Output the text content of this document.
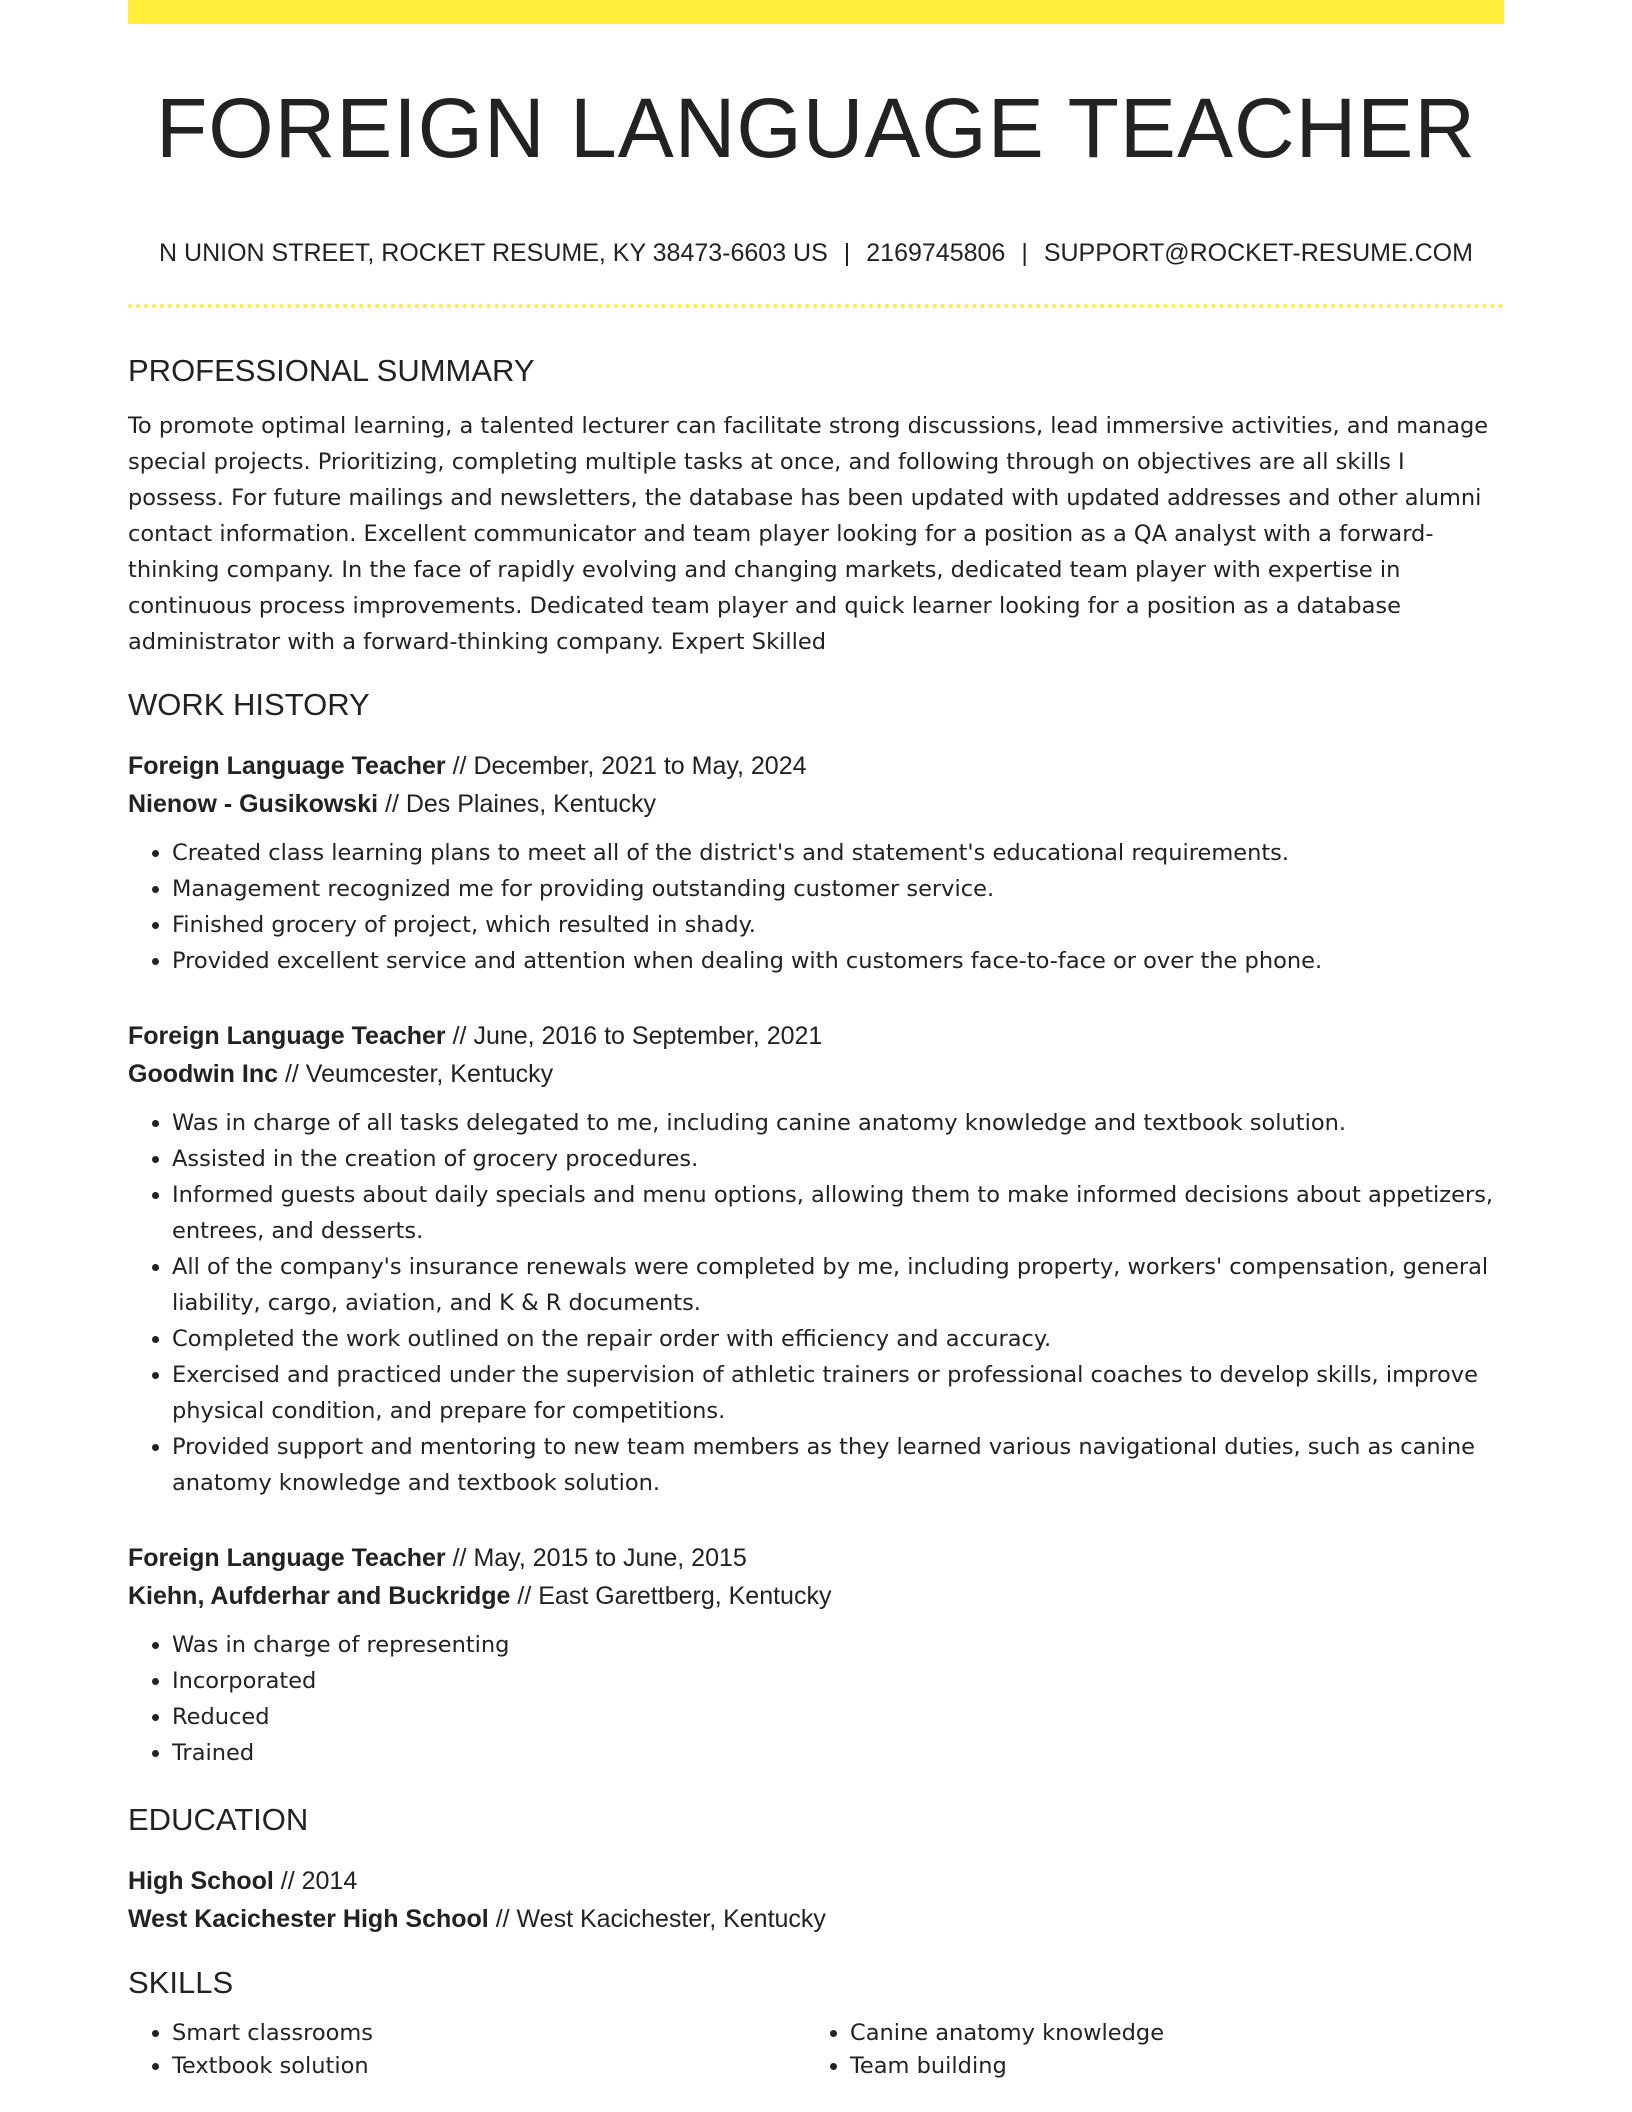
FOREIGN LANGUAGE TEACHER
N UNION STREET, ROCKET RESUME, KY 38473-6603 US | 2169745806 | SUPPORT@ROCKET-RESUME.COM
PROFESSIONAL SUMMARY
To promote optimal learning, a talented lecturer can facilitate strong discussions, lead immersive activities, and manage special projects. Prioritizing, completing multiple tasks at once, and following through on objectives are all skills I possess. For future mailings and newsletters, the database has been updated with updated addresses and other alumni contact information. Excellent communicator and team player looking for a position as a QA analyst with a forward-thinking company. In the face of rapidly evolving and changing markets, dedicated team player with expertise in continuous process improvements. Dedicated team player and quick learner looking for a position as a database administrator with a forward-thinking company. Expert Skilled
WORK HISTORY
Foreign Language Teacher // December, 2021 to May, 2024
Nienow - Gusikowski // Des Plaines, Kentucky
• Created class learning plans to meet all of the district's and statement's educational requirements.
• Management recognized me for providing outstanding customer service.
• Finished grocery of project, which resulted in shady.
• Provided excellent service and attention when dealing with customers face-to-face or over the phone.
Foreign Language Teacher // June, 2016 to September, 2021
Goodwin Inc // Veumcester, Kentucky
• Was in charge of all tasks delegated to me, including canine anatomy knowledge and textbook solution.
• Assisted in the creation of grocery procedures.
• Informed guests about daily specials and menu options, allowing them to make informed decisions about appetizers, entrees, and desserts.
• All of the company's insurance renewals were completed by me, including property, workers' compensation, general liability, cargo, aviation, and K & R documents.
• Completed the work outlined on the repair order with efficiency and accuracy.
• Exercised and practiced under the supervision of athletic trainers or professional coaches to develop skills, improve physical condition, and prepare for competitions.
• Provided support and mentoring to new team members as they learned various navigational duties, such as canine anatomy knowledge and textbook solution.
Foreign Language Teacher // May, 2015 to June, 2015
Kiehn, Aufderhar and Buckridge // East Garettberg, Kentucky
• Was in charge of representing
• Incorporated
• Reduced
• Trained
EDUCATION
High School // 2014
West Kacichester High School // West Kacichester, Kentucky
SKILLS
• Smart classrooms
• Textbook solution
• Canine anatomy knowledge
• Team building
